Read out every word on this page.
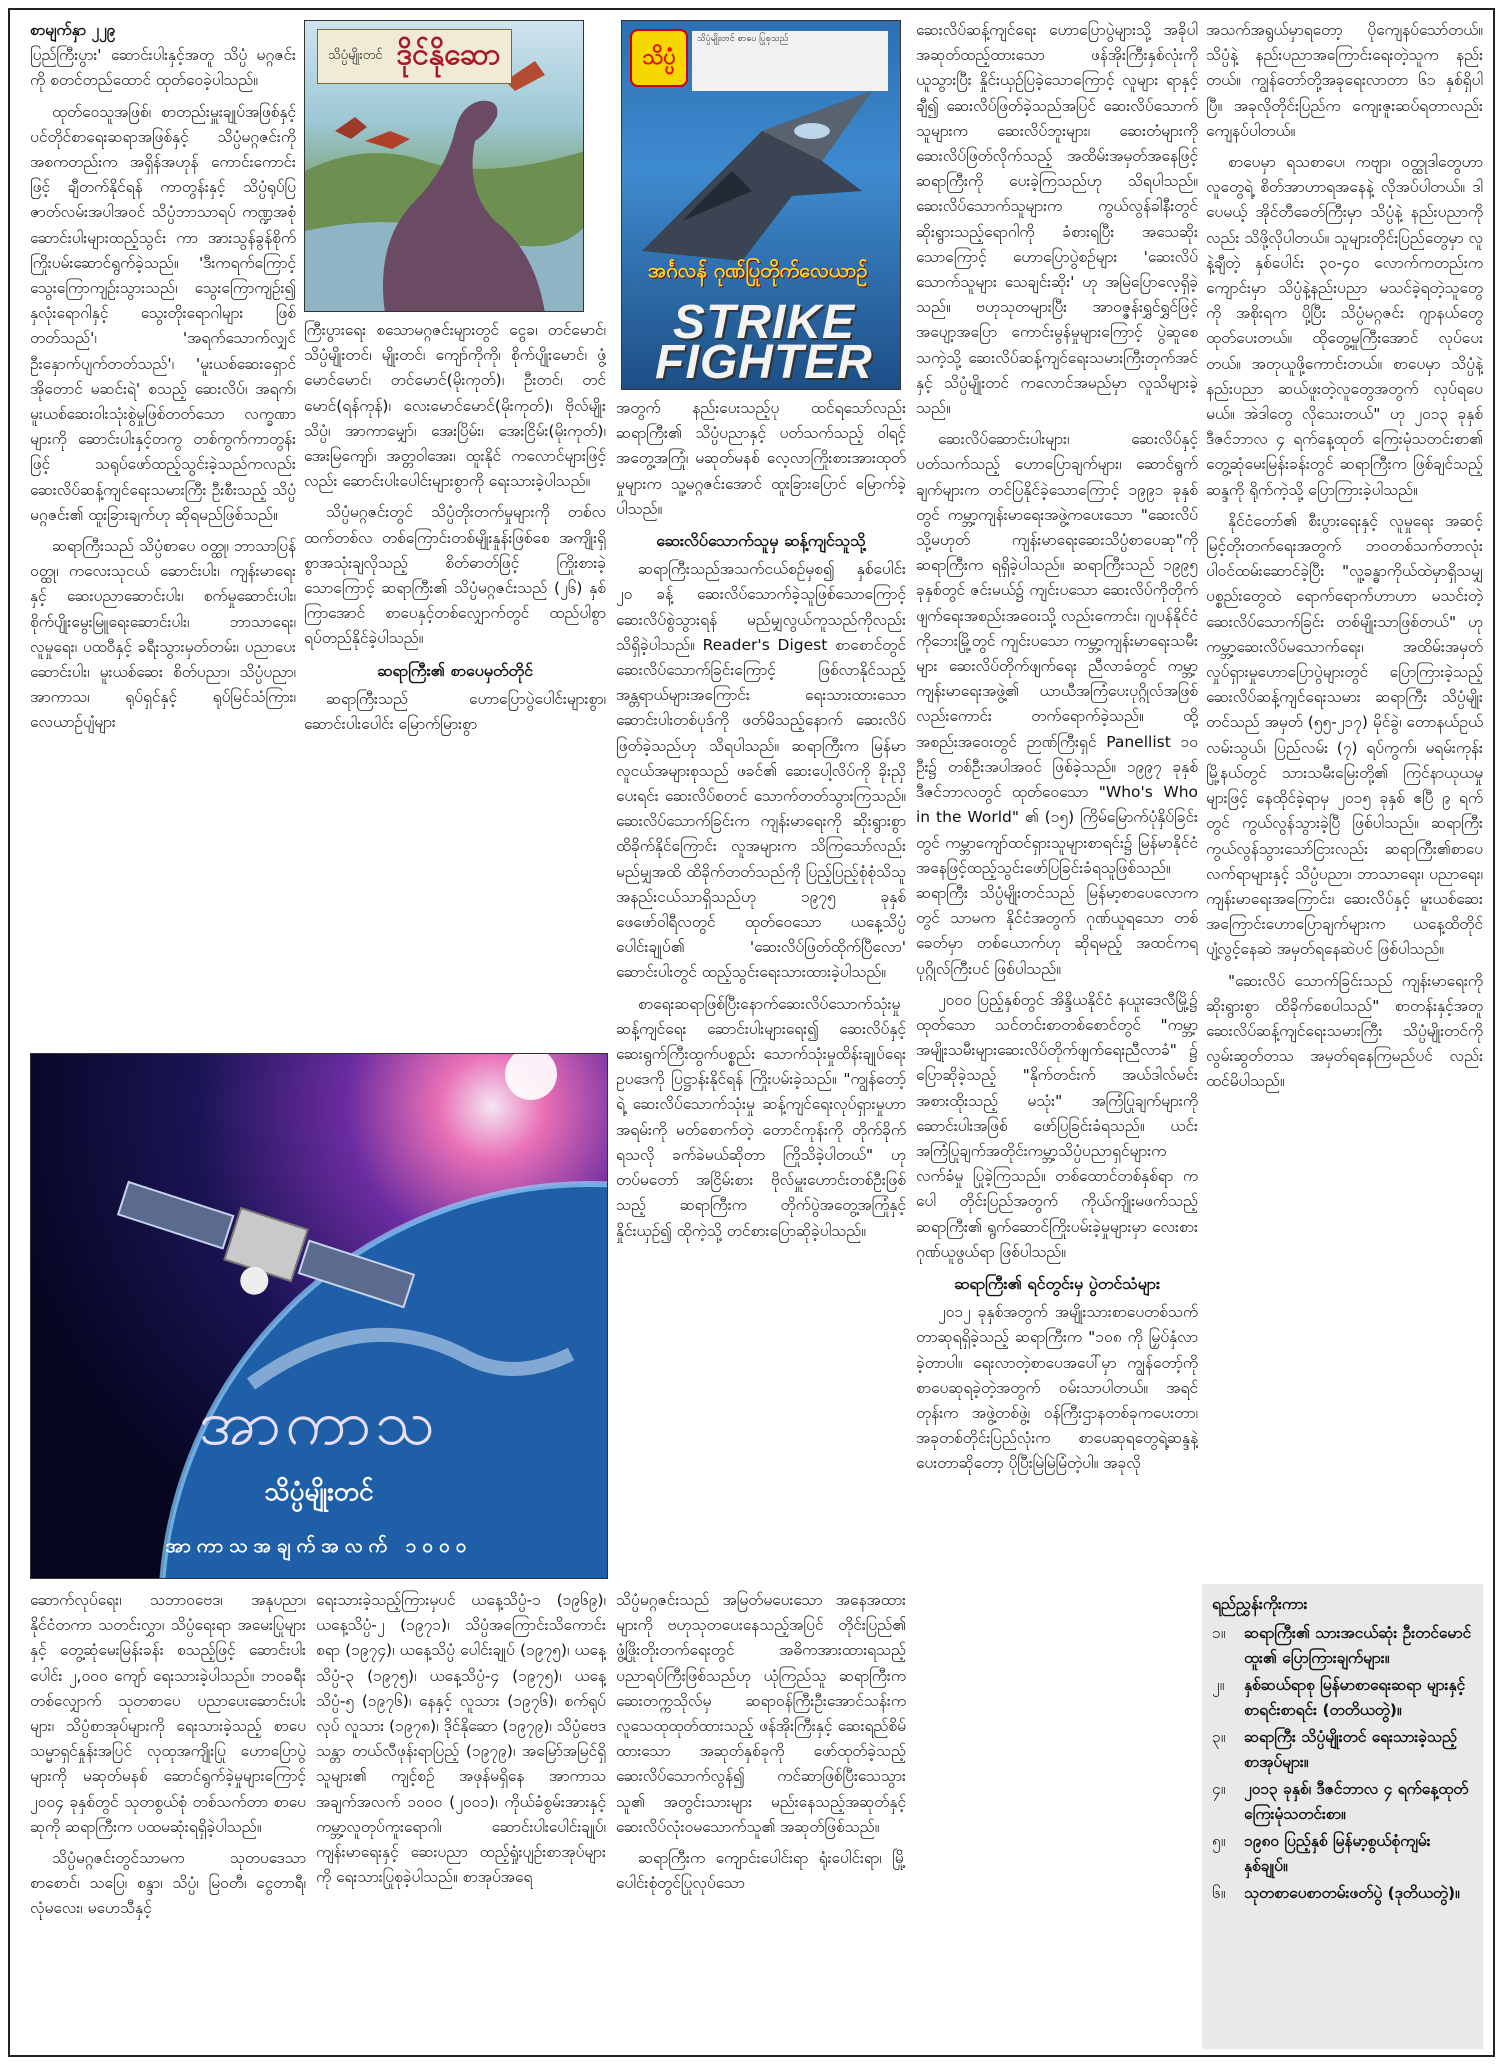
စာမျက်နှာ ၂၂၉

ပြည်ကြီးပွား' ဆောင်းပါးနှင့်အတူ သိပ္ပံ မဂ္ဂဇင်းကို စတင်တည်ထောင် ထုတ်ဝေခဲ့ပါသည်။

ထုတ်ဝေသူအဖြစ်၊ စာတည်းမှူးချုပ်အဖြစ်နှင့် ပင်တိုင်စာရေးဆရာအဖြစ်နှင့် သိပ္ပံမဂ္ဂဇင်းကို အစကတည်းက အရှိန်အဟုန် ကောင်းကောင်းဖြင့် ချီတက်နိုင်ရန် ကာတွန်းနှင့် သိပ္ပံရုပ်ပြဇာတ်လမ်းအပါအဝင် သိပ္ပံဘာသာရပ် ကဏ္ဍအစုံဆောင်းပါးများထည့်သွင်း ကာ အားသွန်ခွန်စိုက် ကြိုးပမ်းဆောင်ရွက်ခဲ့သည်။ 'ဒီးကရက်ကြောင့် သွေးကြောကျဉ်းသွားသည်၊ သွေးကြောကျဉ်း၍ နှလုံးရောဂါနှင့် သွေးတိုးရောဂါများ ဖြစ်တတ်သည်'၊ 'အရက်သောက်လျှင် ဦးနှောက်ပျက်တတ်သည်'၊ 'မူးယစ်ဆေးရှောင် အိုတောင် မဆင်းရဲ' စသည့် ဆေးလိပ်၊ အရက်၊ မူးယစ်ဆေးဝါးသုံးစွဲမှုဖြစ်တတ်သော လက္ခဏာများကို ဆောင်းပါးနှင့်တကွ တစ်ကွက်ကာတွန်းဖြင့် သရုပ်ဖော်ထည့်သွင်းခဲ့သည်ကလည်း ဆေးလိပ်ဆန့်ကျင်ရေးသမားကြီး ဦးစီးသည့် သိပ္ပံမဂ္ဂဇင်း၏ ထူးခြားချက်ဟု ဆိုရမည်ဖြစ်သည်။

ဆရာကြီးသည် သိပ္ပံစာပေ ဝတ္ထု၊ ဘာသာပြန်ဝတ္ထု၊ ကလေးသုငယ် ဆောင်းပါး၊ ကျန်းမာရေးနှင့် ဆေးပညာဆောင်းပါး၊ စက်မှုဆောင်းပါး၊ စိုက်ပျိုးမွေးမြူရေးဆောင်းပါး၊ ဘာသာရေး၊ လူမှုရေး၊ ပထဝီနှင့် ခရီးသွားမှတ်တမ်း၊ ပညာပေးဆောင်းပါး၊ မူးယစ်ဆေး စိတ်ပညာ၊ သိပ္ပံပညာ၊ အာကာသ၊ ရုပ်ရှင်နှင့် ရုပ်မြင်သံကြား၊ လေယာဉ်ပျံများ

သိပ္ပံမျိုးတင် ဒိုင်နိုဆော	သိပ္ပံ
သိပ္ပံမျိုးတင် စာပေ ပြုစုသည်
အင်္ဂလန် ဂုဏ်ပြုတိုက်လေယာဉ်
STRIKE
FIGHTER

ကြီးပွားရေး စသောမဂ္ဂဇင်းများတွင် ငွေခ၊ တင်မောင်၊ သိပ္ပံမျိုးတင်၊ မျိုးတင်၊ ကျော်ကိုကို၊ စိုက်ပျိုးမောင်၊ ဖွံ့မောင်မောင်၊ တင်မောင်(မိုးကုတ်)၊ ဦးတင်၊ တင်မောင်(ရန်ကုန်)၊ လေးမောင်မောင်(မိုးကုတ်)၊ ဗိုလ်မျိုးသိပ္ပံ၊ အာကာမျှော်၊ အေးပြိမ်း၊ အေးငြိမ်း(မိုးကုတ်)၊ အေးမြကျော်၊ အတ္တဝါအေး၊ ထူးနိုင် ကလောင်များဖြင့်လည်း ဆောင်းပါးပေါင်းများစွာကို ရေးသားခဲ့ပါသည်။

သိပ္ပံမဂ္ဂဇင်းတွင် သိပ္ပံတိုးတက်မှုများကို တစ်လထက်တစ်လ တစ်ကြောင်းတစ်မျိုးနှုန်းဖြစ်စေ အကျိုးရှိစွာအသုံးချလိုသည့် စိတ်ဓာတ်ဖြင့် ကြိုးစားခဲ့သောကြောင့် ဆရာကြီး၏ သိပ္ပံမဂ္ဂဇင်းသည် (၂၆) နှစ်ကြာအောင် စာပေနှင့်တစ်လျှောက်တွင် ထည်ပါစွာ ရပ်တည်နိုင်ခဲ့ပါသည်။

ဆရာကြီး၏ စာပေမှတ်တိုင်

ဆရာကြီးသည် ဟောပြောပွဲပေါင်းများစွာ၊ ဆောင်းပါးပေါင်း မြောက်မြားစွာ

အတွက် နည်းပေးသည့်ပု ထင်ရသော်လည်း ဆရာကြီး၏ သိပ္ပံပညာနှင့် ပတ်သက်သည့် ဝါရင့်အတွေ့အကြုံ၊ မဆုတ်မနစ် လေ့လာကြိုးစားအားထုတ်မှုများက သူ့မဂ္ဂဇင်းအောင် ထူးခြားပြောင် မြောက်ခဲ့ပါသည်။

ဆေးလိပ်သောက်သူမှ ဆန့်ကျင်သူသို့

ဆရာကြီးသည်အသက်ငယ်စဉ်မှစ၍ နှစ်ပေါင်း ၂၀ ခန့် ဆေးလိပ်သောက်ခဲ့သူဖြစ်သောကြောင့် ဆေးလိပ်စွဲသွားရန် မည်မျှလွယ်ကူသည်ကိုလည်း သိရှိခဲ့ပါသည်။ Reader's Digest စာစောင်တွင် ဆေးလိပ်သောက်ခြင်းကြောင့် ဖြစ်လာနိုင်သည့် အန္တရာယ်များအကြောင်း ရေးသားထားသော ဆောင်းပါးတစ်ပုဒ်ကို ဖတ်မိသည့်နောက် ဆေးလိပ်ဖြတ်ခဲ့သည်ဟု သိရပါသည်။ ဆရာကြီးက မြန်မာလူငယ်အများစုသည် ဖခင်၏ ဆေးပေါ့လိပ်ကို ခိုးညှိပေးရင်း ဆေးလိပ်စတင် သောက်တတ်သွားကြသည်။ ဆေးလိပ်သောက်ခြင်းက ကျန်းမာရေးကို ဆိုးရွားစွာ ထိခိုက်နိုင်ကြောင်း လူအများက သိကြသော်လည်း မည်မျှအထိ ထိခိုက်တတ်သည်ကို ပြည့်ပြည့်စုံစုံသိသူ အနည်းငယ်သာရှိသည်ဟု ၁၉၇၅ ခုနှစ် ဖေဖော်ဝါရီလတွင် ထုတ်ဝေသော ယနေ့သိပ္ပံပေါင်းချုပ်၏ 'ဆေးလိပ်ဖြတ်ထိုက်ပြီလော' ဆောင်းပါးတွင် ထည့်သွင်းရေးသားထားခဲ့ပါသည်။

စာရေးဆရာဖြစ်ပြီးနောက်ဆေးလိပ်သောက်သုံးမှုဆန့်ကျင်ရေး ဆောင်းပါးများရေး၍ ဆေးလိပ်နှင့် ဆေးရွက်ကြီးထွက်ပစ္စည်း သောက်သုံးမှုထိန်းချုပ်ရေးဥပဒေကို ပြဋ္ဌာန်းနိုင်ရန် ကြိုးပမ်းခဲ့သည်။ "ကျွန်တော့်ရဲ့ ဆေးလိပ်သောက်သုံးမှု ဆန့်ကျင်ရေးလုပ်ရှားမှုဟာ အရမ်းကို မတ်စောက်တဲ့ တောင်ကုန်းကို တိုက်ခိုက်ရသလို ခက်ခဲမယ်ဆိုတာ ကြိုသိခဲ့ပါတယ်" ဟု တပ်မတော် အငြိမ်းစား ဗိုလ်မှူးဟောင်းတစ်ဦးဖြစ်သည့် ဆရာကြီးက တိုက်ပွဲအတွေ့အကြုံနှင့် နှိုင်းယှဉ်၍ ထိုကဲ့သို့ တင်စားပြောဆိုခဲ့ပါသည်။

ဆေးလိပ်ဆန့်ကျင်ရေး ဟောပြောပွဲများသို့ အခိုပါ အဆုတ်ထည့်ထားသော ဖန်အိုးကြီးနှစ်လုံးကို ယူသွားပြီး နှိုင်းယှဉ်ပြခဲ့သောကြောင့် လူများ ရာနှင့်ချီ၍ ဆေးလိပ်ဖြတ်ခဲ့သည်အပြင် ဆေးလိပ်သောက်သူများက ဆေးလိပ်ဘူးများ၊ ဆေးတံများကို ဆေးလိပ်ဖြတ်လိုက်သည့် အထိမ်းအမှတ်အနေဖြင့် ဆရာကြီးကို ပေးခဲ့ကြသည်ဟု သိရပါသည်။ ဆေးလိပ်သောက်သူများက ကွယ်လွန်ခါနီးတွင် ဆိုးရွားသည့်ရောဂါကို ခံစားရပြီး အသေဆိုးသောကြောင့် ဟောပြောပွဲစဉ်များ 'ဆေးလိပ်သောက်သူများ သေချင်းဆိုး' ဟု အမြဲပြောလေ့ရှိခဲ့သည်။ ဗဟုသုတများပြီး အာဝဇ္ဇန်းရွှင်ရွှင်ဖြင့် အပျော့အပြော ကောင်းမွန်မှုများကြောင့် ပွဲဆူစေသကဲ့သို့ ဆေးလိပ်ဆန့်ကျင်ရေးသမားကြီးတုက်အင်နှင့် သိပ္ပံမျိုးတင် ကလောင်အမည်မှာ လူသိများခဲ့သည်။

ဆေးလိပ်ဆောင်းပါးများ၊ ဆေးလိပ်နှင့် ပတ်သက်သည့် ဟောပြောချက်များ၊ ဆောင်ရွက်ချက်များက တင်ပြနိုင်ခဲ့သောကြောင့် ၁၉၉၁ ခုနှစ်တွင် ကမ္ဘာ့ကျန်းမာရေးအဖွဲ့ကပေးသော "ဆေးလိပ်သို့မဟုတ် ကျန်းမာရေးဆေးသိပ္ပံစာပေဆု"ကို ဆရာကြီးက ရရှိခဲ့ပါသည်။ ဆရာကြီးသည် ၁၉၉၅ ခုနှစ်တွင် ဇင်းမယ်၌ ကျင်းပသော ဆေးလိပ်ကိုတိုက်ဖျက်ရေးအစည်းအဝေးသို့ လည်းကောင်း၊ ဂျပန်နိုင်ငံ ကိုဘေးမြို့တွင် ကျင်းပသော ကမ္ဘာ့ကျန်းမာရေးသမီးများ ဆေးလိပ်တိုက်ဖျက်ရေး ညီလာခံတွင် ကမ္ဘာ့ကျန်းမာရေးအဖွဲ့၏ ယာယီအကြံပေးပုဂ္ဂိုလ်အဖြစ် လည်းကောင်း တက်ရောက်ခဲ့သည်။ ထို့အစည်းအဝေးတွင် ဉာဏ်ကြီးရှင် Panellist ၁၀ ဦး၌ တစ်ဦးအပါအဝင် ဖြစ်ခဲ့သည်။ ၁၉၉၇ ခုနှစ် ဒီဇင်ဘာလတွင် ထုတ်ဝေသော "Who's Who in the World" ၏ (၁၅) ကြိမ်မြောက်ပုံနှိပ်ခြင်းတွင် ကမ္ဘာကျော်ထင်ရှားသူများစာရင်း၌ မြန်မာနိုင်ငံအနေဖြင့်ထည့်သွင်းဖော်ပြခြင်းခံရသူဖြစ်သည်။ ဆရာကြီး သိပ္ပံမျိုးတင်သည် မြန်မာ့စာပေလောကတွင် သာမက နိုင်ငံအတွက် ဂုဏ်ယူရသော တစ်ခေတ်မှာ တစ်ယောက်ဟု ဆိုရမည့် အထင်ကရ ပုဂ္ဂိုလ်ကြီးပင် ဖြစ်ပါသည်။

၂၀၀၀ ပြည့်နှစ်တွင် အိန္ဒိယနိုင်ငံ နယူးဒေလီမြို့၌ ထုတ်သော သင်တင်းစာတစ်စောင်တွင် "ကမ္ဘာ့အမျိုးသမီးများဆေးလိပ်တိုက်ဖျက်ရေးညီလာခံ" ၌ ပြောဆိုခဲ့သည့် "နိုက်တင်းက် အယ်ဒါလ်မင်း အစားထိုးသည့် မသုံး" အကြံပြုချက်များကို ဆောင်းပါးအဖြစ် ဖော်ပြခြင်းခံရသည်။ ယင်းအကြံပြုချက်အတိုင်းကမ္ဘာ့သိပ္ပံပညာရှင်များက လက်ခံမှု ပြုခဲ့ကြသည်။ တစ်ထောင်တစ်နှစ်ရာ ကပေါ တိုင်းပြည်အတွက် ကိုယ်ကျိုးမဖက်သည့် ဆရာကြီး၏ ရွက်ဆောင်ကြိုးပမ်းခဲ့မှုများမှာ လေးစားဂုဏ်ယူဖွယ်ရာ ဖြစ်ပါသည်။

ဆရာကြီး၏ ရင်တွင်းမှ ပွဲတင်သံများ

၂၀၁၂ ခုနှစ်အတွက် အမျိုးသားစာပေတစ်သက်တာဆုရရှိခဲ့သည့် ဆရာကြီးက "၁၀၈ ကို မြှပ်နှံလာခဲ့တာပါ။ ရေးလာတဲ့စာပေအပေါ်မှာ ကျွန်တော့်ကို စာပေဆုရခဲ့တဲ့အတွက် ဝမ်းသာပါတယ်။ အရင်တုန်းက အဖွဲ့တစ်ဖွဲ့၊ ဝန်ကြီးဌာနတစ်ခုကပေးတာ၊ အခုတစ်တိုင်းပြည်လုံးက စာပေဆုရတွေရဲ့ဆန္ဒနဲ့ ပေးတာဆိုတော့ ပိုပြီးမြဲမြဲမြံတဲ့ပါ။ အခုလို

အသက်အရွယ်မှာရတော့ ပိုကျေနပ်သော်တယ်။ သိပ္ပံနဲ့ နည်းပညာအကြောင်းရေးတဲ့သူက နည်းတယ်။ ကျွန်တော်တို့အခုရေးလာတာ ၆၁ နှစ်ရှိပါပြီ။ အခုလိုတိုင်းပြည်က ကျေးဇူးဆပ်ရတာလည်း ကျေနပ်ပါတယ်။

စာပေမှာ ရသစာပေ၊ ကဗျာ၊ ဝတ္ထုဒါတွေဟာ လူတွေရဲ့ စိတ်အာဟာရအနေနဲ့ လိုအပ်ပါတယ်။ ဒါပေမယ့် အိုင်တီခေတ်ကြီးမှာ သိပ္ပံနဲ့ နည်းပညာကိုလည်း သိဖို့လိုပါတယ်။ သူများတိုင်းပြည်တွေမှာ လူနဲ့ချီတဲ့ နှစ်ပေါင်း ၃၀-၄၀ လောက်ကတည်းက ကျောင်းမှာ သိပ္ပံနဲ့နည်းပညာ မသင်ခဲ့ရတဲ့သူတွေကို အစိုးရက ပို့ပြီး သိပ္ပံမဂ္ဂဇင်း ဂျာနယ်တွေ ထုတ်ပေးတယ်။ ထိုတွေ့မှုကြီးအောင် လုပ်ပေးတယ်။ အတုယူဖို့ကောင်းတယ်။ စာပေမှာ သိပ္ပံနဲ့ နည်းပညာ ဆယ်ဖူးတဲ့လူတွေအတွက် လုပ်ရပေမယ်။ အဲဒါတွေ လိုသေးတယ်" ဟု ၂၀၁၃ ခုနှစ် ဒီဇင်ဘာလ ၄ ရက်နေ့ထုတ် ကြေးမုံသတင်းစာ၏ တွေ့ဆုံမေးမြန်းခန်းတွင် ဆရာကြီးက ဖြစ်ချင်သည့်ဆန္ဒကို ရိုက်ကဲ့သို့ ပြောကြားခဲ့ပါသည်။

နိုင်ငံတော်၏ စီးပွားရေးနှင့် လူမှုရေး အဆင့်မြင့်တိုးတက်ရေးအတွက် ဘဝတစ်သက်တာလုံး ပါဝင်ထမ်းဆောင်ခဲ့ပြီး "လူ့ခန္ဓာကိုယ်ထဲမှာရှိသမျှ ပစ္စည်းတွေထဲ ရောက်ရောက်ဟာဟာ မသင်းတဲ့ဆေးလိပ်သောက်ခြင်း တစ်မျိုးသာဖြစ်တယ်" ဟု ကမ္ဘာ့ဆေးလိပ်မသောက်ရေး၊ အထိမ်းအမှတ်လှုပ်ရှားမှုဟောပြောပွဲများတွင် ပြောကြားခဲ့သည့် ဆေးလိပ်ဆန့်ကျင်ရေးသမား ဆရာကြီး သိပ္ပံမျိုးတင်သည် အမှတ် (၅၅-၂၁၇) မိုင်ခွဲ၊ တောနယ်ဥယ်လမ်းသွယ်၊ ပြည်လမ်း (၇) ရပ်ကွက်၊ မရမ်းကုန်းမြို့နယ်တွင် သားသမီးမြေးတို့၏ ကြင်နာယုယမှုများဖြင့် နေထိုင်ခဲ့ရာမှ ၂၀၁၅ ခုနှစ် ဧပြီ ၉ ရက်တွင် ကွယ်လွန်သွားခဲ့ပြီ ဖြစ်ပါသည်။ ဆရာကြီးကွယ်လွန်သွားသော်ငြားလည်း ဆရာကြီး၏စာပေလက်ရာများနှင့် သိပ္ပံပညာ၊ ဘာသာရေး၊ ပညာရေး၊ ကျန်းမာရေးအကြောင်း၊ ဆေးလိပ်နှင့် မူးယစ်ဆေးအကြောင်းဟောပြောချက်များက ယနေ့ထိတိုင် ပျံ့လွင့်နေဆဲ အမှတ်ရနေဆဲပင် ဖြစ်ပါသည်။

"ဆေးလိပ် သောက်ခြင်းသည် ကျန်းမာရေးကို ဆိုးရွားစွာ ထိခိုက်စေပါသည်" စာတန်းနှင့်အတူ ဆေးလိပ်ဆန့်ကျင်ရေးသမားကြီး သိပ္ပံမျိုးတင်ကို လွမ်းဆွတ်တသ အမှတ်ရနေကြမည်ပင် လည်း ထင်မိပါသည်။

အာကာသ
သိပ္ပံမျိုးတင်
အာကာသအချက်အလက် ၁၀၀၀

ဆောက်လုပ်ရေး၊ သဘာဝဗေဒ၊ အနုပညာ၊ နိုင်ငံတကာ သတင်းလွှာ၊ သိပ္ပံရေးရာ အမေးပြုများနှင့် တွေ့ဆုံမေးမြန်းခန်း စသည့်ဖြင့် ဆောင်းပါးပေါင်း ၂,၀၀၀ ကျော် ရေးသားခဲ့ပါသည်။ ဘဝခရီးတစ်လျှောက် သုတစာပေ ပညာပေးဆောင်းပါးများ၊ သိပ္ပံစာအုပ်များကို ရေးသားခဲ့သည့် စာပေသမ္မာရှင်နှုန်းအပြင် လုထုအကျိုးပြု ဟောပြောပွဲများကို မဆုတ်မနစ် ဆောင်ရွက်ခဲ့မှုများကြောင့် ၂၀၀၄ ခုနှစ်တွင် သုတစွယ်စုံ တစ်သက်တာ စာပေဆုကို ဆရာကြီးက ပထမဆုံးရရှိခဲ့ပါသည်။

သိပ္ပံမဂ္ဂဇင်းတွင်သာမက သုတပဒေသာစာစောင်၊ သပြေ၊ စန္ဒာ၊ သိပ္ပံ၊ မြဝတီ၊ ငွေတာရီ၊ လုံမလေး၊ မဟေသီနှင့်

ရေးသားခဲ့သည့်ကြားမှပင် ယနေ့သိပ္ပံ-၁ (၁၉၆၉)၊ ယနေ့သိပ္ပံ-၂ (၁၉၇၁)၊ သိပ္ပံအကြောင်းသိကောင်းစရာ (၁၉၇၄)၊ ယနေ့သိပ္ပံ ပေါင်းချုပ် (၁၉၇၅)၊ ယနေ့သိပ္ပံ-၃ (၁၉၇၅)၊ ယနေ့သိပ္ပံ-၄ (၁၉၇၅)၊ ယနေ့သိပ္ပံ-၅ (၁၉၇၆)၊ နေနှင့် လူသား (၁၉၇၆)၊ စက်ရုပ်လုပ် လူသား (၁၉၇၈)၊ ဒိုင်နိုဆော (၁၉၇၉)၊ သိပ္ပံဗေဒသန္တာ တယ်လီဖုန်းရာပြည့် (၁၉၇၉)၊ အမြော်အမြင်ရှိသူများ၏ ကျင့်စဉ် အဖုန်မရှိနေ အာကာသ အချက်အလက် ၁၀၀၀ (၂၀၀၁)၊ ကိုယ်ခံစွမ်းအားနှင့် ကမ္ဘာ့လူတုပ်ကူးရောဂါ၊ ဆောင်းပါးပေါင်းချုပ်၊ ကျန်းမာရေးနှင့် ဆေးပညာ ထည့်ရှုံးပျဉ်းစာအုပ်များကို ရေးသားပြုစုခဲ့ပါသည်။ စာအုပ်အရေ

သိပ္ပံမဂ္ဂဇင်းသည် အမြတ်မပေးသော အနေအထားများကို ဗဟုသုတပေးနေသည့်အပြင် တိုင်းပြည်၏ ဖွံ့ဖြိုးတိုးတက်ရေးတွင် အဓိကအားထားရသည့် ပညာရပ်ကြီးဖြစ်သည်ဟု ယုံကြည်သူ ဆရာကြီးက ဆေးတက္ကသိုလ်မှ ဆရာဝန်ကြီးဦးအောင်သန်းက လူသေထုထုတ်ထားသည့် ဖန်အိုးကြီးနှင့် ဆေးရည်စိမ်ထားသော အဆုတ်နှစ်ခုကို ဖော်ထုတ်ခဲ့သည့် ဆေးလိပ်သောက်လွန်၍ ကင်ဆာဖြစ်ပြီးသေသွားသူ၏ အတွင်းသားများ မည်းနေသည့်အဆုတ်နှင့် ဆေးလိပ်လုံးဝမသောက်သူ၏ အဆုတ်ဖြစ်သည်။

ဆရာကြီးက ကျောင်းပေါင်းရာ ရုံးပေါင်းရာ၊ မြို့ပေါင်းစုံတွင်ပြုလုပ်သော

ရည်ညွှန်းကိုးကား
၁။	ဆရာကြီး၏ သားအငယ်ဆုံး ဦးတင်မောင်ထူး၏ ပြောကြားချက်များ။
၂။	နှစ်ဆယ်ရာစု မြန်မာစာရေးဆရာ များနှင့် စာရင်းစာရင်း (တတိယတွဲ)။
၃။	ဆရာကြီး သိပ္ပံမျိုးတင် ရေးသားခဲ့သည့် စာအုပ်များ။
၄။	၂၀၁၃ ခုနှစ်၊ ဒီဇင်ဘာလ ၄ ရက်နေ့ထုတ် ကြေးမုံသတင်းစာ။
၅။	၁၉၈၀ ပြည့်နှစ် မြန်မာ့စွယ်စုံကျမ်းနှစ်ချုပ်။
၆။	သုတစာပေစာတမ်းဖတ်ပွဲ (ဒုတိယတွဲ)။
